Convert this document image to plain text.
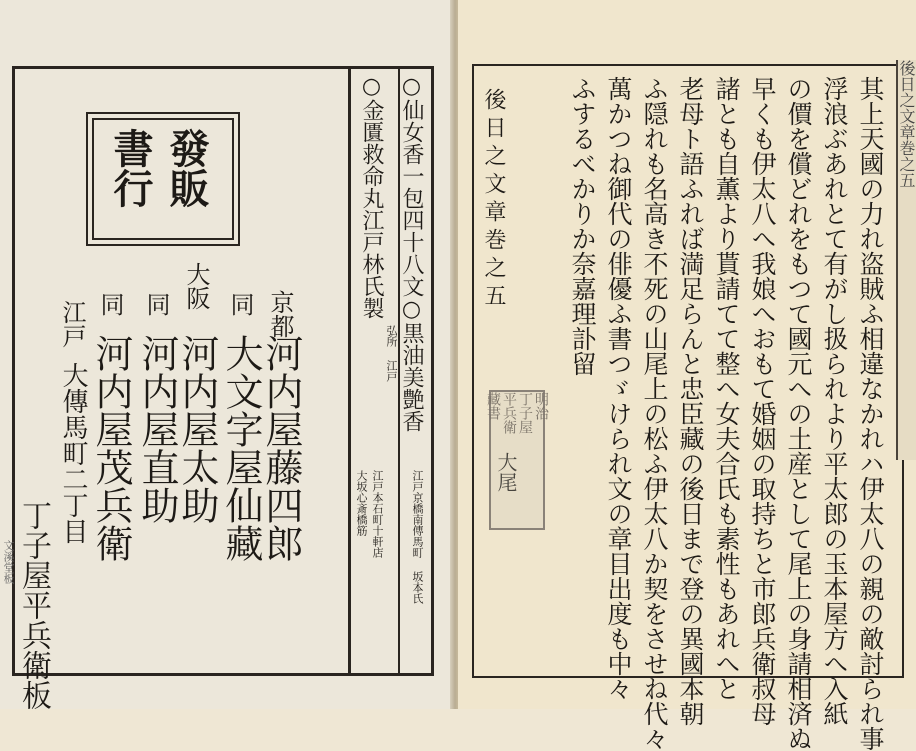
發販
書行	○仙女香一包四十八文○黒油美艶香
江戸京橋南傳馬町 坂本氏
○金匱救命丸江戸林氏製
弘所 江戸
江戸本石町十軒店
大坂心斎橋筋
京都
河内屋藤四郎
同
大文字屋仙藏
大阪
河内屋太助
同
河内屋直助
同
河内屋茂兵衛
江戸
大傳馬町二丁目
丁子屋平兵衛板
文溪堂板
後日之文章巻之五
大尾
明治
丁子屋
平兵衛
藏書	其上天國の力れ盗賊ふ相違なかれハ伊太八の親の敵討られ事
浮浪ぶあれとて有がし扱られより平太郎の玉本屋方へ入紙
の價を償どれをもつて國元への土産として尾上の身請相済ぬ
早くも伊太八へ我娘へおもて婚姻の取持ちと市郎兵衛叔母
諸とも自薫より貰請てて整へ女夫合氏も素性もあれへと
老母ト語ふれば満足らんと忠臣藏の後日まで登の異國本朝
ふ隠れも名高き不死の山尾上の松ふ伊太八か契をさせね代々
萬かつね御代の俳優ふ書つゞけられ文の章目出度も中々
ふするべかりか奈嘉理訃留	後日之文章巻之五
